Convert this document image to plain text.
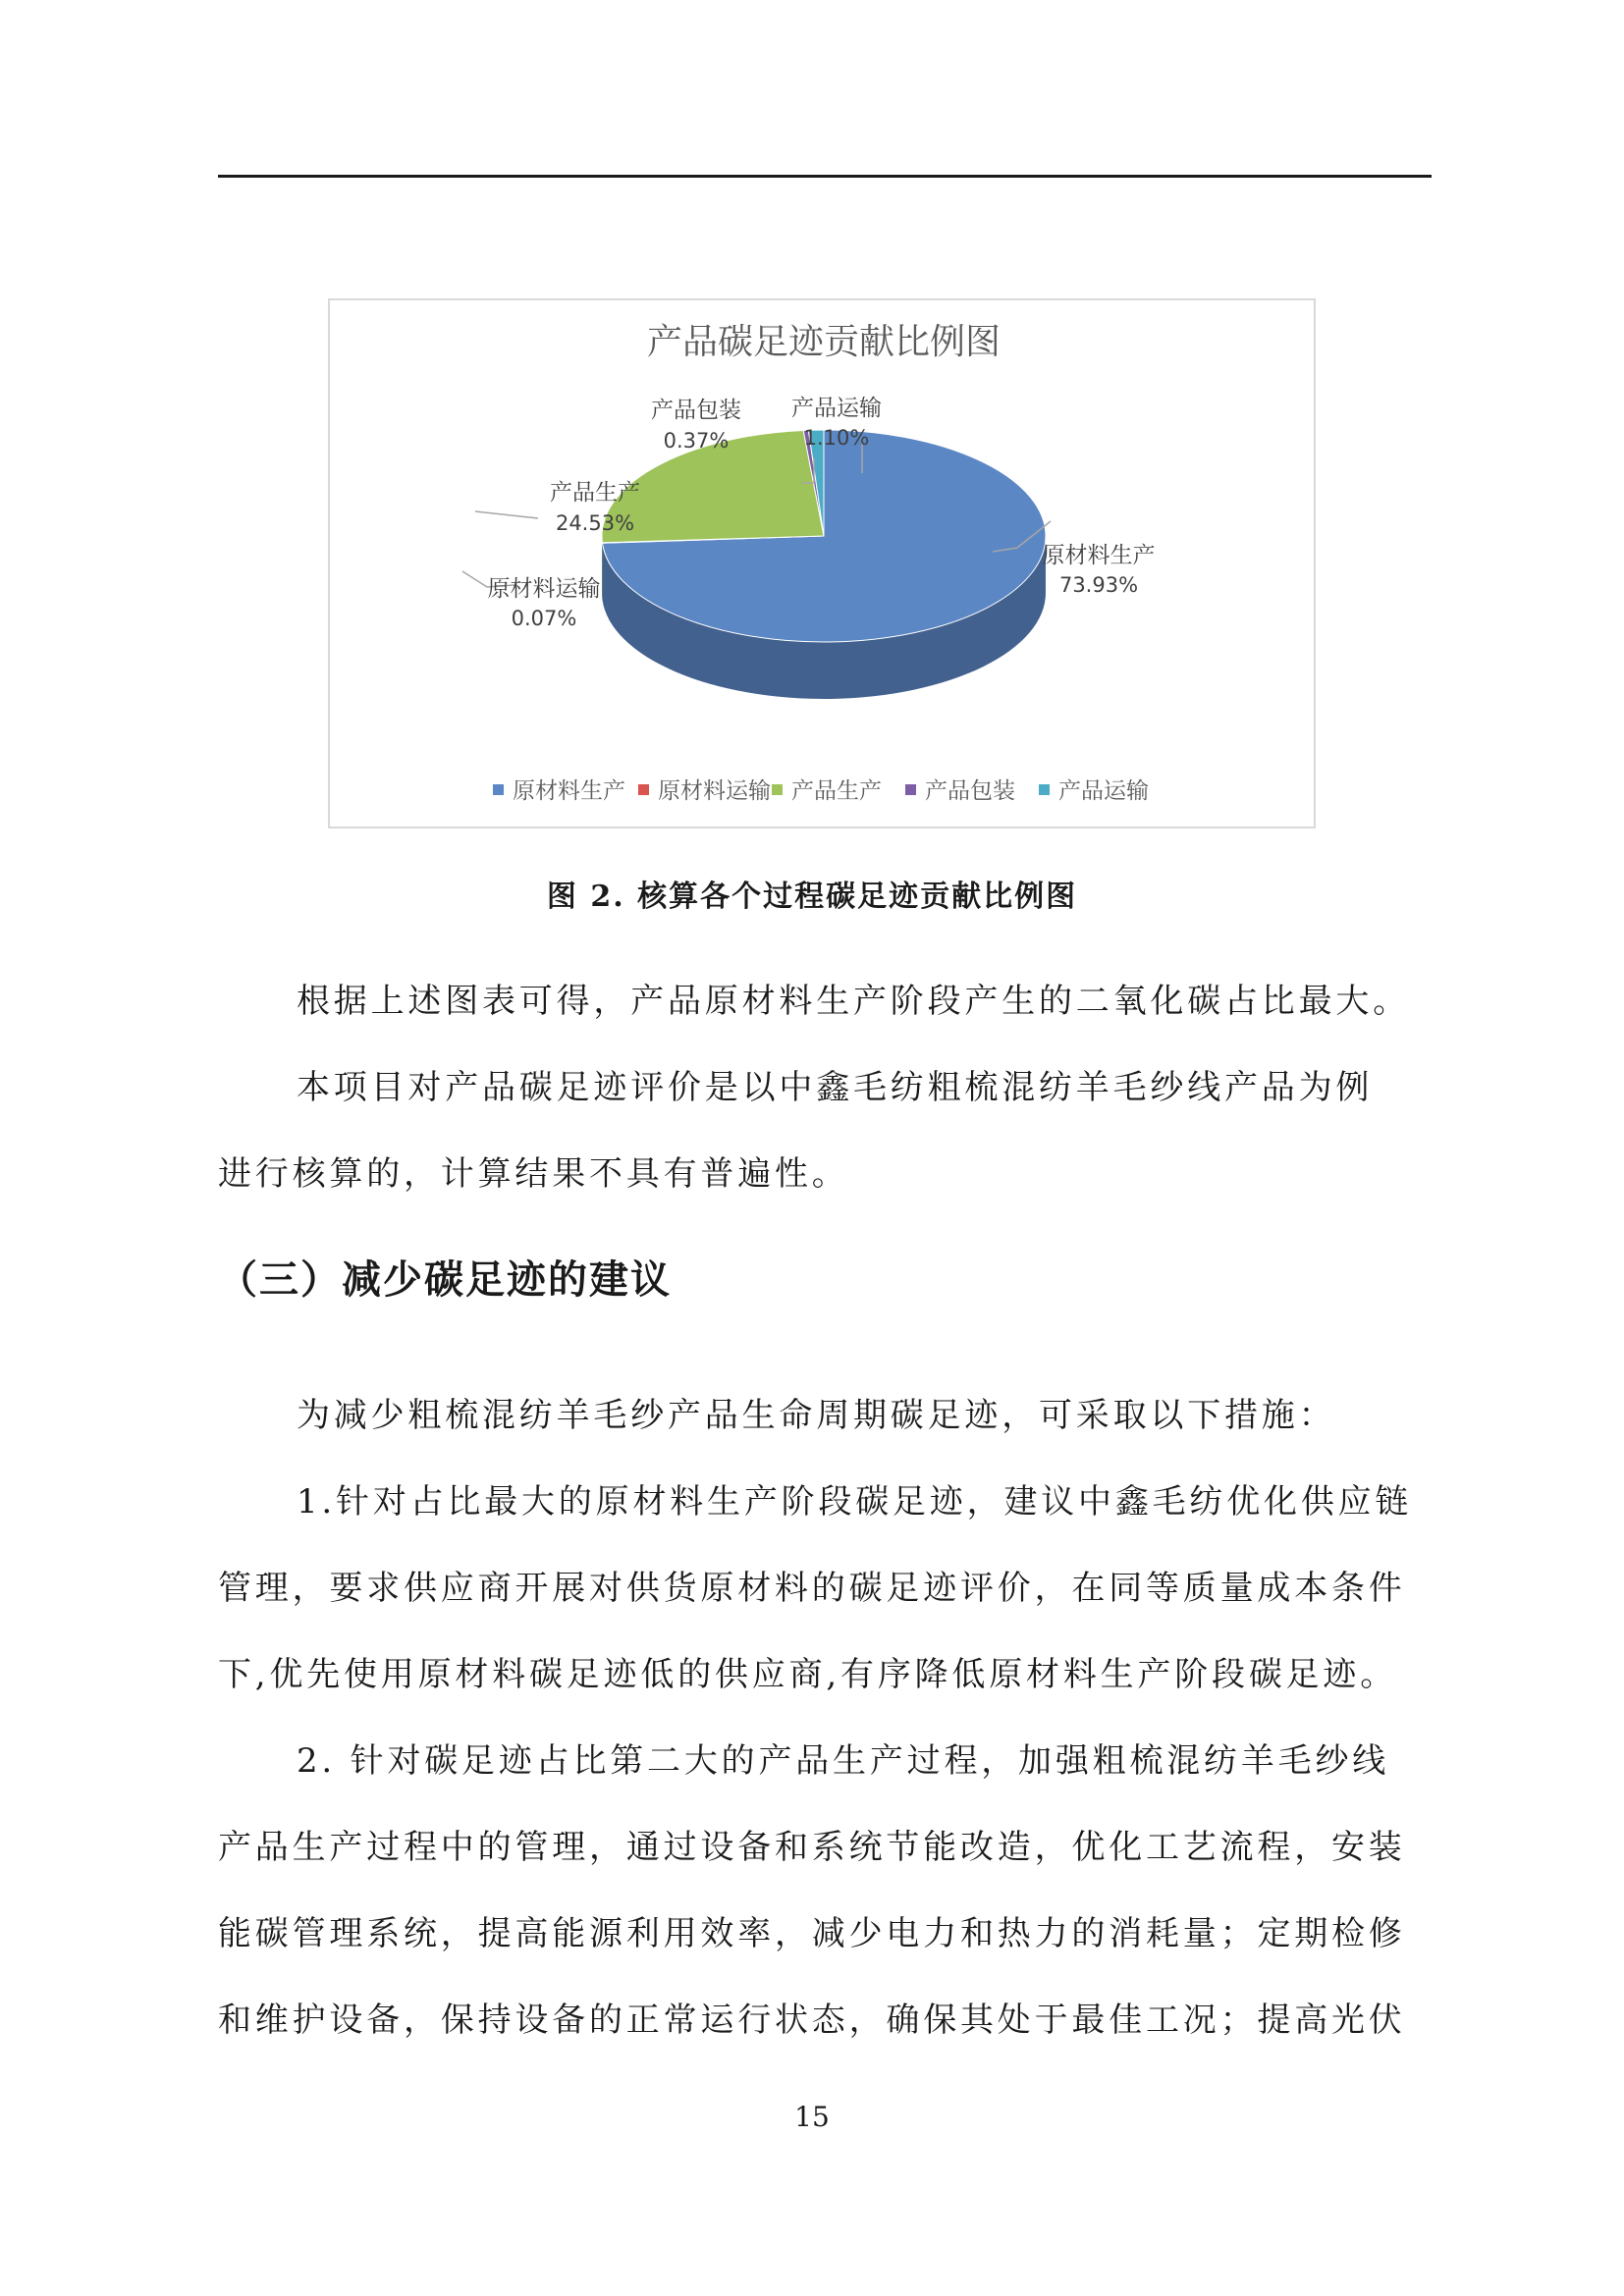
产品碳足迹贡献比例图
产品包装
0.37%
产品运输
1.10%
产品生产
24.53%
原材料运输
0.07%
原材料生产
73.93%
原材料生产 原材料运输 产品生产 产品包装 产品运输
图 2. 核算各个过程碳足迹贡献比例图

根据上述图表可得，产品原材料生产阶段产生的二氧化碳占比最大。

本项目对产品碳足迹评价是以中鑫毛纺粗梳混纺羊毛纱线产品为例
进行核算的，计算结果不具有普遍性。

（三）减少碳足迹的建议

为减少粗梳混纺羊毛纱产品生命周期碳足迹，可采取以下措施：

1.针对占比最大的原材料生产阶段碳足迹，建议中鑫毛纺优化供应链
管理，要求供应商开展对供货原材料的碳足迹评价，在同等质量成本条件
下,优先使用原材料碳足迹低的供应商,有序降低原材料生产阶段碳足迹。

2. 针对碳足迹占比第二大的产品生产过程，加强粗梳混纺羊毛纱线
产品生产过程中的管理，通过设备和系统节能改造，优化工艺流程，安装
能碳管理系统，提高能源利用效率，减少电力和热力的消耗量；定期检修
和维护设备，保持设备的正常运行状态，确保其处于最佳工况；提高光伏

15
